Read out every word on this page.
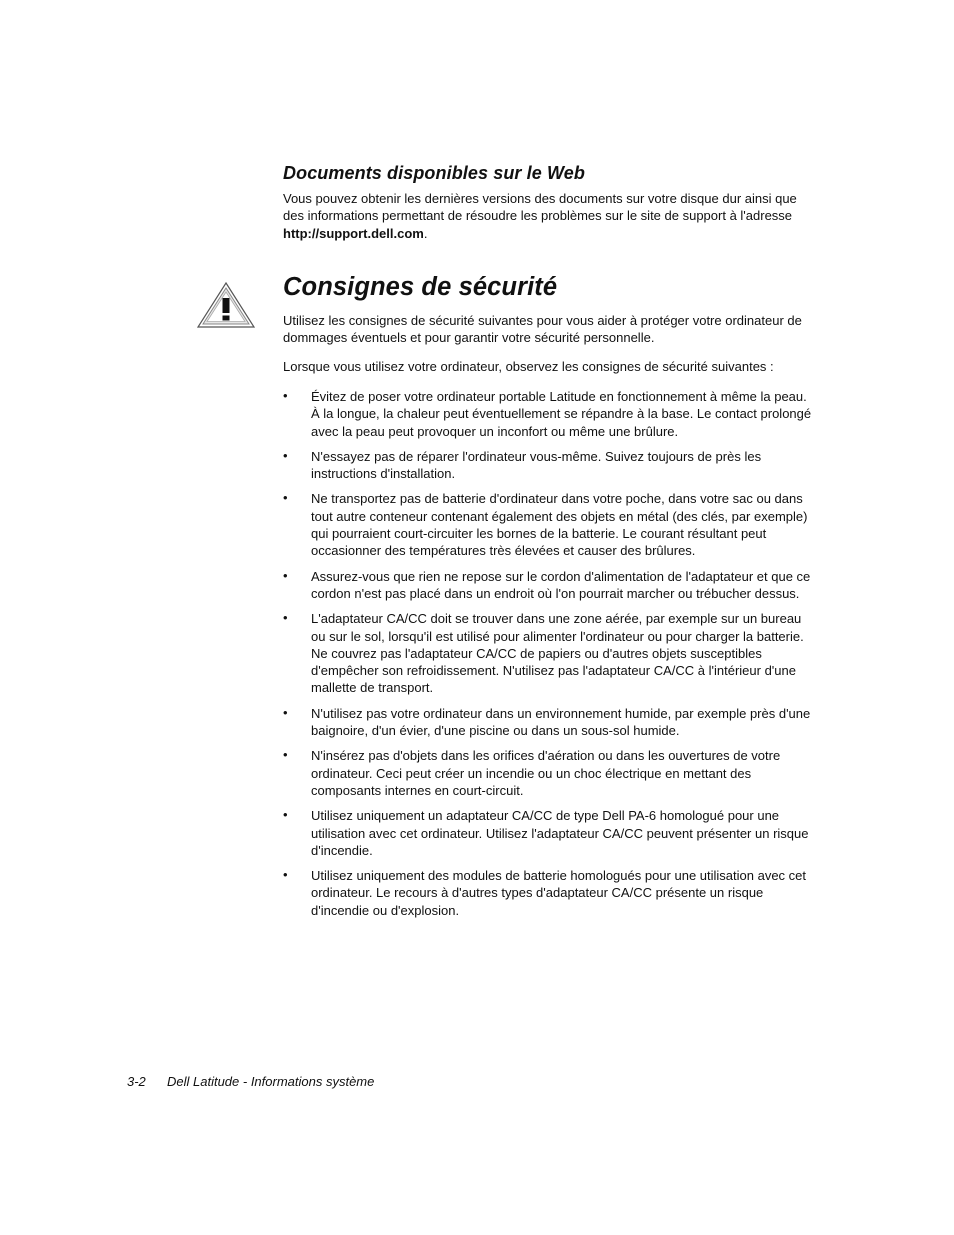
Documents disponibles sur le Web

Vous pouvez obtenir les dernières versions des documents sur votre disque dur ainsi que des informations permettant de résoudre les problèmes sur le site de support à l'adresse http://support.dell.com.

Consignes de sécurité

Utilisez les consignes de sécurité suivantes pour vous aider à protéger votre ordinateur de dommages éventuels et pour garantir votre sécurité personnelle.

Lorsque vous utilisez votre ordinateur, observez les consignes de sécurité suivantes :

• Évitez de poser votre ordinateur portable Latitude en fonctionnement à même la peau. À la longue, la chaleur peut éventuellement se répandre à la base. Le contact prolongé avec la peau peut provoquer un inconfort ou même une brûlure.
• N'essayez pas de réparer l'ordinateur vous-même. Suivez toujours de près les instructions d'installation.
• Ne transportez pas de batterie d'ordinateur dans votre poche, dans votre sac ou dans tout autre conteneur contenant également des objets en métal (des clés, par exemple) qui pourraient court-circuiter les bornes de la batterie. Le courant résultant peut occasionner des températures très élevées et causer des brûlures.
• Assurez-vous que rien ne repose sur le cordon d'alimentation de l'adaptateur et que ce cordon n'est pas placé dans un endroit où l'on pourrait marcher ou trébucher dessus.
• L'adaptateur CA/CC doit se trouver dans une zone aérée, par exemple sur un bureau ou sur le sol, lorsqu'il est utilisé pour alimenter l'ordinateur ou pour charger la batterie. Ne couvrez pas l'adaptateur CA/CC de papiers ou d'autres objets susceptibles d'empêcher son refroidissement. N'utilisez pas l'adaptateur CA/CC à l'intérieur d'une mallette de transport.
• N'utilisez pas votre ordinateur dans un environnement humide, par exemple près d'une baignoire, d'un évier, d'une piscine ou dans un sous-sol humide.
• N'insérez pas d'objets dans les orifices d'aération ou dans les ouvertures de votre ordinateur. Ceci peut créer un incendie ou un choc électrique en mettant des composants internes en court-circuit.
• Utilisez uniquement un adaptateur CA/CC de type Dell PA-6 homologué pour une utilisation avec cet ordinateur. Utilisez l'adaptateur CA/CC peuvent présenter un risque d'incendie.
• Utilisez uniquement des modules de batterie homologués pour une utilisation avec cet ordinateur. Le recours à d'autres types d'adaptateur CA/CC présente un risque d'incendie ou d'explosion.

3-2 Dell Latitude - Informations système
